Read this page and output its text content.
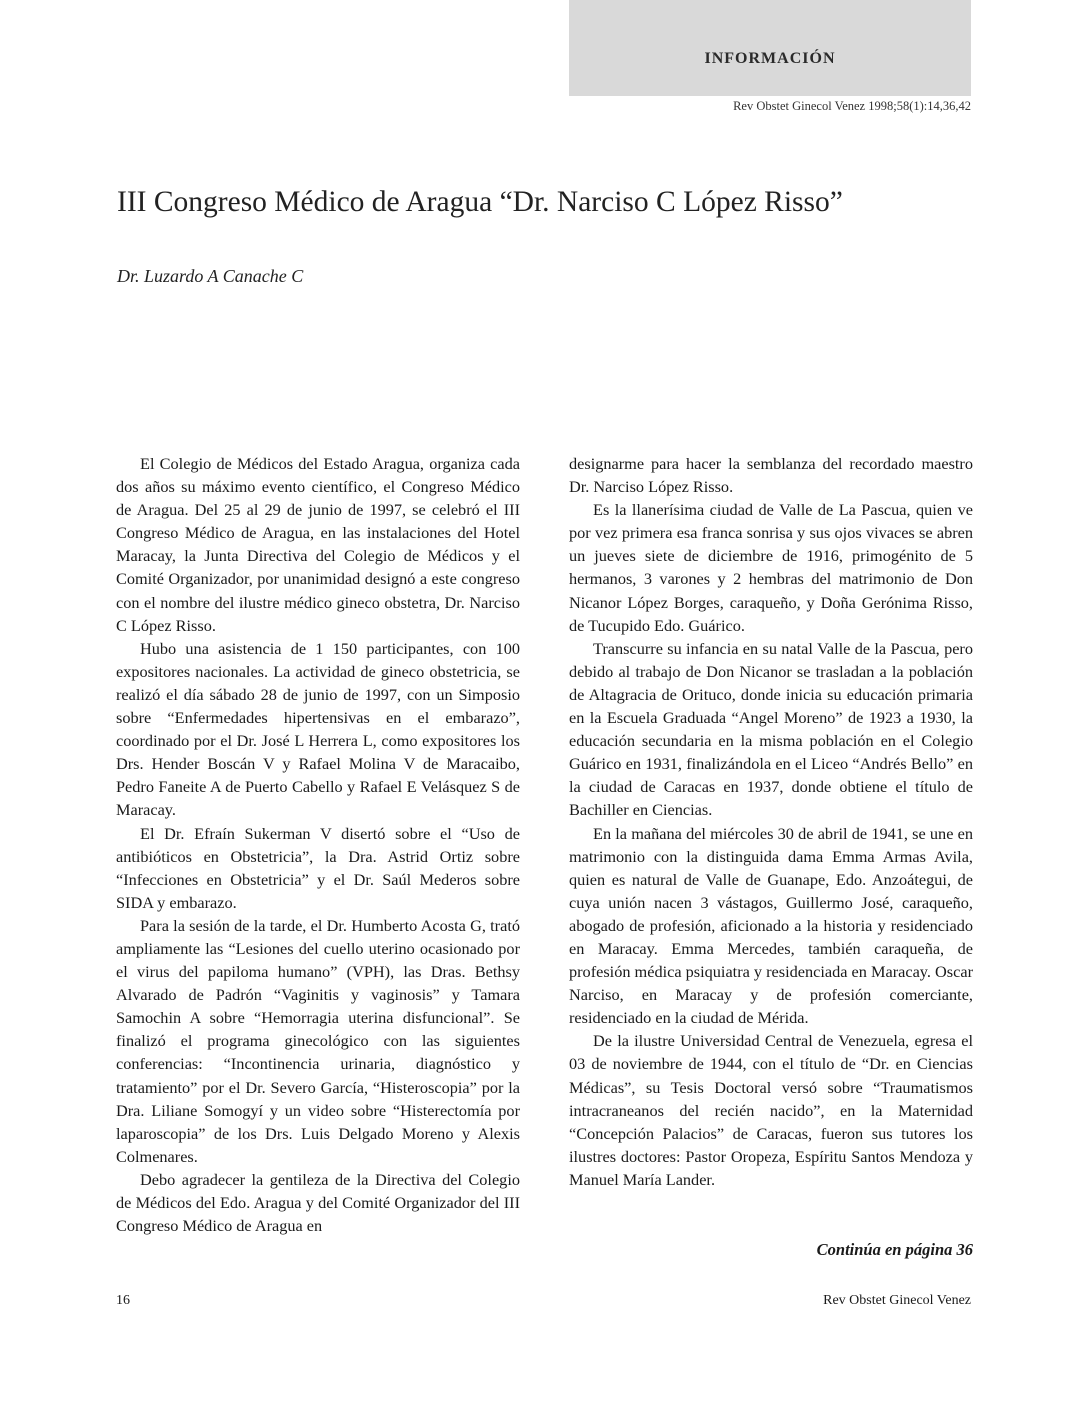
INFORMACIÓN
Rev Obstet Ginecol Venez 1998;58(1):14,36,42
III Congreso Médico de Aragua “Dr. Narciso C López Risso”
Dr. Luzardo A Canache C

El Colegio de Médicos del Estado Aragua, organiza cada dos años su máximo evento científico, el Congreso Médico de Aragua. Del 25 al 29 de junio de 1997, se celebró el III Congreso Médico de Aragua, en las instalaciones del Hotel Maracay, la Junta Directiva del Colegio de Médicos y el Comité Organizador, por unanimidad designó a este congreso con el nombre del ilustre médico gineco obstetra, Dr. Narciso C López Risso.

Hubo una asistencia de 1 150 participantes, con 100 expositores nacionales. La actividad de gineco obstetricia, se realizó el día sábado 28 de junio de 1997, con un Simposio sobre “Enfermedades hipertensivas en el embarazo”, coordinado por el Dr. José L Herrera L, como expositores los Drs. Hender Boscán V y Rafael Molina V de Maracaibo, Pedro Faneite A de Puerto Cabello y Rafael E Velásquez S de Maracay.

El Dr. Efraín Sukerman V disertó sobre el “Uso de antibióticos en Obstetricia”, la Dra. Astrid Ortiz sobre “Infecciones en Obstetricia” y el Dr. Saúl Mederos sobre SIDA y embarazo.

Para la sesión de la tarde, el Dr. Humberto Acosta G, trató ampliamente las “Lesiones del cuello uterino ocasionado por el virus del papiloma humano” (VPH), las Dras. Bethsy Alvarado de Padrón “Vaginitis y vaginosis” y Tamara Samochin A sobre “Hemorragia uterina disfuncional”. Se finalizó el programa ginecológico con las siguientes conferencias: “Incontinencia urinaria, diagnóstico y tratamiento” por el Dr. Severo García, “Histeroscopia” por la Dra. Liliane Somogyí y un video sobre “Histerectomía por laparoscopia” de los Drs. Luis Delgado Moreno y Alexis Colmenares.

Debo agradecer la gentileza de la Directiva del Colegio de Médicos del Edo. Aragua y del Comité Organizador del III Congreso Médico de Aragua en

designarme para hacer la semblanza del recordado maestro Dr. Narciso López Risso.

Es la llanerísima ciudad de Valle de La Pascua, quien ve por vez primera esa franca sonrisa y sus ojos vivaces se abren un jueves siete de diciembre de 1916, primogénito de 5 hermanos, 3 varones y 2 hembras del matrimonio de Don Nicanor López Borges, caraqueño, y Doña Gerónima Risso, de Tucupido Edo. Guárico.

Transcurre su infancia en su natal Valle de la Pascua, pero debido al trabajo de Don Nicanor se trasladan a la población de Altagracia de Orituco, donde inicia su educación primaria en la Escuela Graduada “Angel Moreno” de 1923 a 1930, la educación secundaria en la misma población en el Colegio Guárico en 1931, finalizándola en el Liceo “Andrés Bello” en la ciudad de Caracas en 1937, donde obtiene el título de Bachiller en Ciencias.

En la mañana del miércoles 30 de abril de 1941, se une en matrimonio con la distinguida dama Emma Armas Avila, quien es natural de Valle de Guanape, Edo. Anzoátegui, de cuya unión nacen 3 vástagos, Guillermo José, caraqueño, abogado de profesión, aficionado a la historia y residenciado en Maracay. Emma Mercedes, también caraqueña, de profesión médica psiquiatra y residenciada en Maracay. Oscar Narciso, en Maracay y de profesión comerciante, residenciado en la ciudad de Mérida.

De la ilustre Universidad Central de Venezuela, egresa el 03 de noviembre de 1944, con el título de “Dr. en Ciencias Médicas”, su Tesis Doctoral versó sobre “Traumatismos intracraneanos del recién nacido”, en la Maternidad “Concepción Palacios” de Caracas, fueron sus tutores los ilustres doctores: Pastor Oropeza, Espíritu Santos Mendoza y Manuel María Lander.

Continúa en página 36
16	Rev Obstet Ginecol Venez
